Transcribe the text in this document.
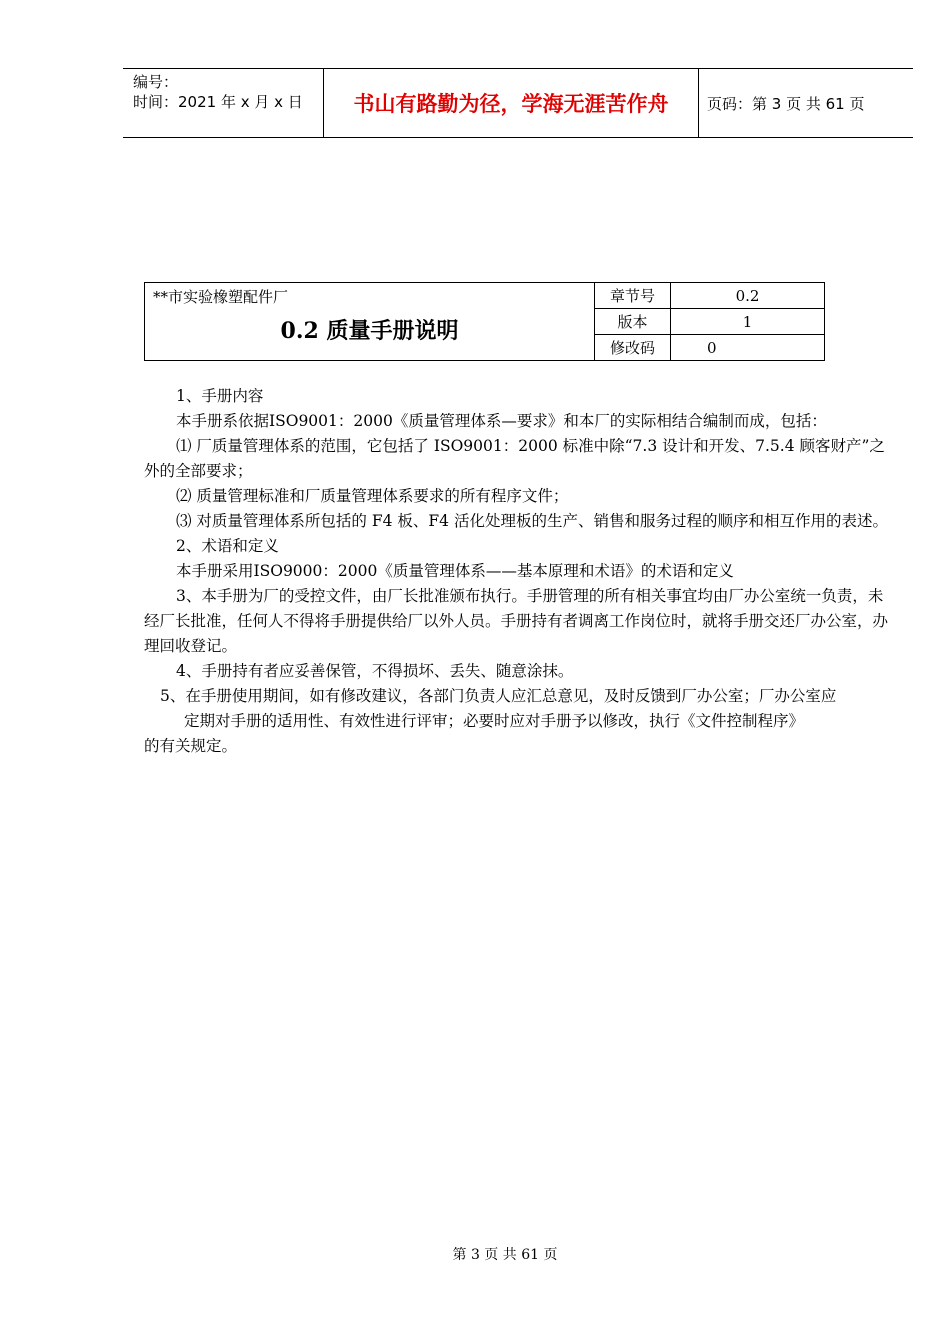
编号：
时间：2021 年 x 月 x 日	书山有路勤为径，学海无涯苦作舟	页码：第 3 页 共 61 页
**市实验橡塑配件厂
0.2 质量手册说明	章节号	0.2
	版本	1
	修改码	0

1、手册内容

本手册系依据ISO9001：2000《质量管理体系—要求》和本厂的实际相结合编制而成，包括：

⑴ 厂质量管理体系的范围，它包括了 ISO9001：2000 标准中除“7.3 设计和开发、7.5.4 顾客财产”之外的全部要求；

⑵ 质量管理标准和厂质量管理体系要求的所有程序文件；

⑶ 对质量管理体系所包括的 F4 板、F4 活化处理板的生产、销售和服务过程的顺序和相互作用的表述。

2、术语和定义

本手册采用ISO9000：2000《质量管理体系——基本原理和术语》的术语和定义

3、本手册为厂的受控文件，由厂长批准颁布执行。手册管理的所有相关事宜均由厂办公室统一负责，未经厂长批准，任何人不得将手册提供给厂以外人员。手册持有者调离工作岗位时，就将手册交还厂办公室，办理回收登记。

4、手册持有者应妥善保管，不得损坏、丢失、随意涂抹。

5、在手册使用期间，如有修改建议，各部门负责人应汇总意见，及时反馈到厂办公室；厂办公室应

定期对手册的适用性、有效性进行评审；必要时应对手册予以修改，执行《文件控制程序》

的有关规定。

第 3 页 共 61 页
